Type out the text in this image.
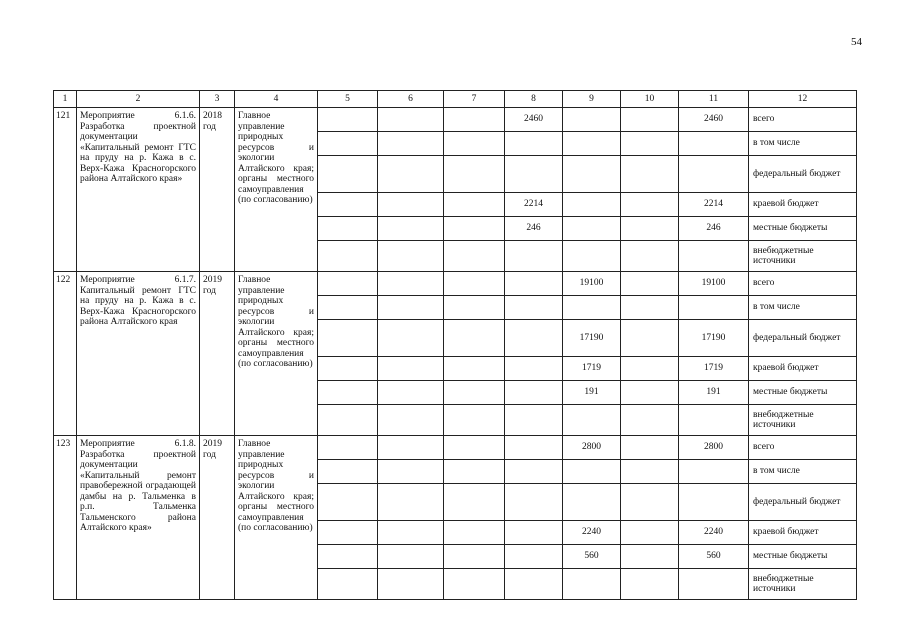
54
1	2	3	4	5	6	7	8	9	10	11	12
121	Мероприятие 6.1.6. Разработка проектной документации «Капитальный ремонт ГТС на пруду на р. Кажа в с. Верх-Кажа Красногорского района Алтайского края»	2018 год	Главное управление природных ресурсов и экологии Алтайского края; органы местного самоуправления (по согласованию)				2460			2460	всего
											в том числе
											федеральный бюджет
							2214			2214	краевой бюджет
							246			246	местные бюджеты
											внебюджетные источники
122	Мероприятие 6.1.7. Капитальный ремонт ГТС на пруду на р. Кажа в с. Верх-Кажа Красногорского района Алтайского края	2019 год	Главное управление природных ресурсов и экологии Алтайского края; органы местного самоуправления (по согласованию)					19100		19100	всего
											в том числе
								17190		17190	федеральный бюджет
								1719		1719	краевой бюджет
								191		191	местные бюджеты
											внебюджетные источники
123	Мероприятие 6.1.8. Разработка проектной документации «Капитальный ремонт правобережной оградающей дамбы на р. Тальменка в р.п. Тальменка Тальменского района Алтайского края»	2019 год	Главное управление природных ресурсов и экологии Алтайского края; органы местного самоуправления (по согласованию)					2800		2800	всего
											в том числе
											федеральный бюджет
								2240		2240	краевой бюджет
								560		560	местные бюджеты
											внебюджетные источники
